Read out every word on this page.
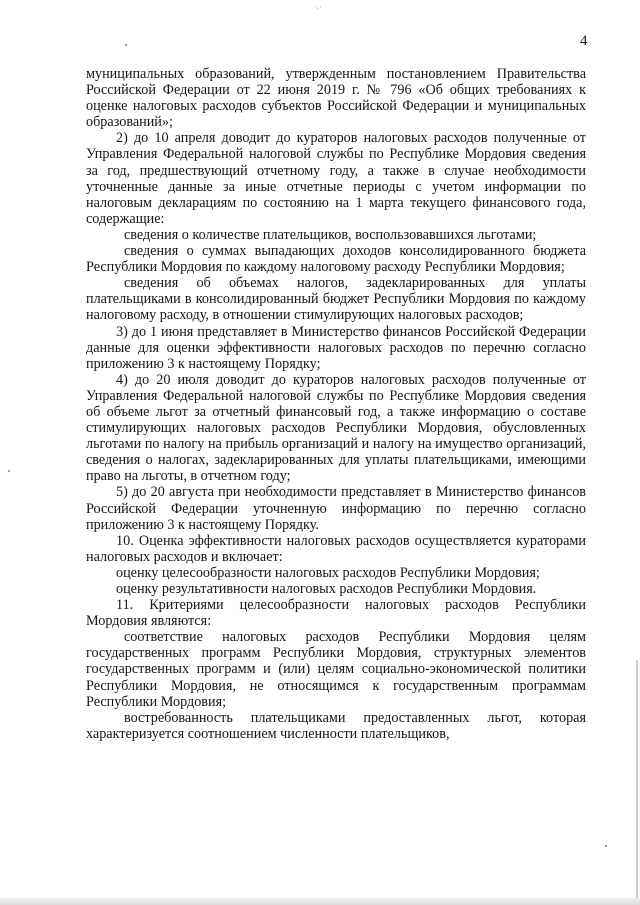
٠:٠
4

муниципальных образований, утвержденным постановлением Правительства Российской Федерации от 22 июня 2019 г. № 796 «Об общих требованиях к оценке налоговых расходов субъектов Российской Федерации и муниципальных образований»;

2) до 10 апреля доводит до кураторов налоговых расходов полученные от Управления Федеральной налоговой службы по Республике Мордовия сведения за год, предшествующий отчетному году, а также в случае необходимости уточненные данные за иные отчетные периоды с учетом информации по налоговым декларациям по состоянию на 1 марта текущего финансового года, содержащие:

сведения о количестве плательщиков, воспользовавшихся льготами;

сведения о суммах выпадающих доходов консолидированного бюджета Республики Мордовия по каждому налоговому расходу Республики Мордовия;

сведения об объемах налогов, задекларированных для уплаты плательщиками в консолидированный бюджет Республики Мордовия по каждому налоговому расходу, в отношении стимулирующих налоговых расходов;

3) до 1 июня представляет в Министерство финансов Российской Федерации данные для оценки эффективности налоговых расходов по перечню согласно приложению 3 к настоящему Порядку;

4) до 20 июля доводит до кураторов налоговых расходов полученные от Управления Федеральной налоговой службы по Республике Мордовия сведения об объеме льгот за отчетный финансовый год, а также информацию о составе стимулирующих налоговых расходов Республики Мордовия, обусловленных льготами по налогу на прибыль организаций и налогу на имущество организаций, сведения о налогах, задекларированных для уплаты плательщиками, имеющими право на льготы, в отчетном году;

5) до 20 августа при необходимости представляет в Министерство финансов Российской Федерации уточненную информацию по перечню согласно приложению 3 к настоящему Порядку.

10. Оценка эффективности налоговых расходов осуществляется кураторами налоговых расходов и включает:

оценку целесообразности налоговых расходов Республики Мордовия;

оценку результативности налоговых расходов Республики Мордовия.

11. Критериями целесообразности налоговых расходов Республики Мордовия являются:

соответствие налоговых расходов Республики Мордовия целям государственных программ Республики Мордовия, структурных элементов государственных программ и (или) целям социально-экономической политики Республики Мордовия, не относящимся к государственным программам Республики Мордовия;

востребованность плательщиками предоставленных льгот, которая характеризуется соотношением численности плательщиков,
